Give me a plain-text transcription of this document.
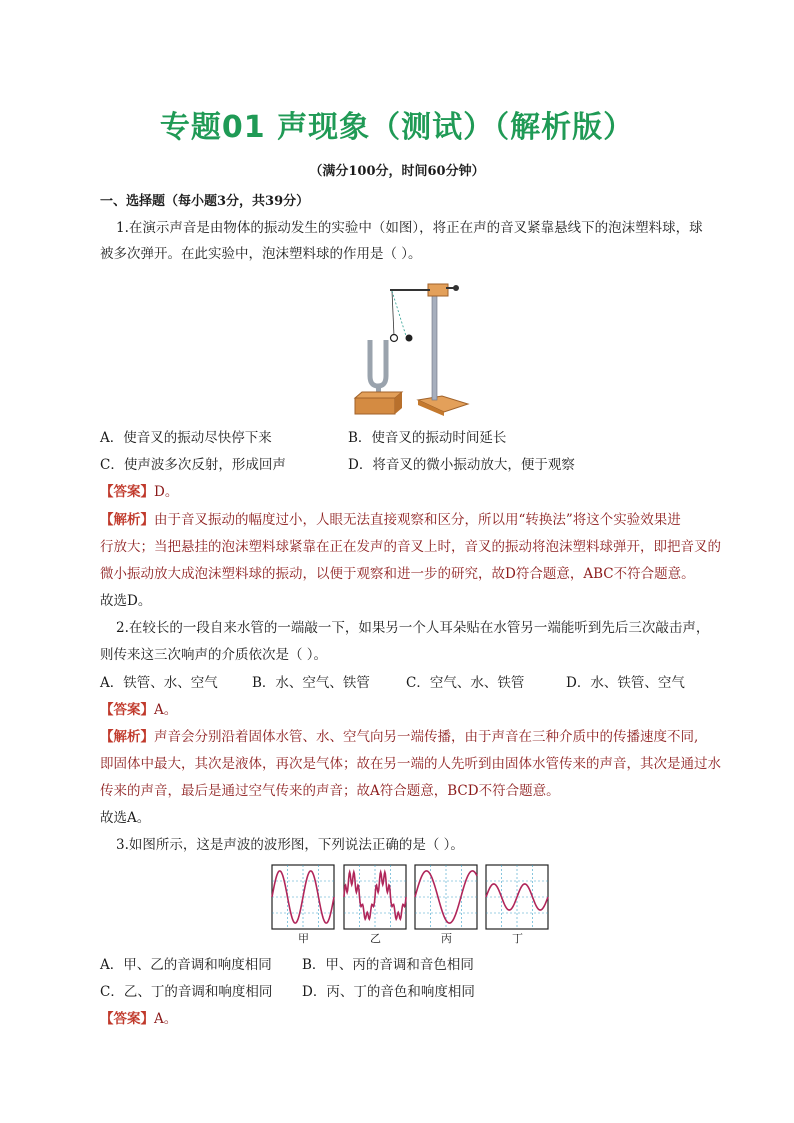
专题01 声现象（测试）（解析版）
（满分100分，时间60分钟）
一、选择题（每小题3分，共39分）
1.在演示声音是由物体的振动发生的实验中（如图），将正在声的音叉紧靠悬线下的泡沫塑料球，球
被多次弹开。在此实验中，泡沫塑料球的作用是（ ）。
A．使音叉的振动尽快停下来	B．使音叉的振动时间延长
C．使声波多次反射，形成回声	D．将音叉的微小振动放大，便于观察
【答案】D。
【解析】由于音叉振动的幅度过小，人眼无法直接观察和区分，所以用“转换法”将这个实验效果进
行放大；当把悬挂的泡沫塑料球紧靠在正在发声的音叉上时，音叉的振动将泡沫塑料球弹开，即把音叉的
微小振动放大成泡沫塑料球的振动，以便于观察和进一步的研究，故D符合题意，ABC不符合题意。
故选D。
2.在较长的一段自来水管的一端敲一下，如果另一个人耳朵贴在水管另一端能听到先后三次敲击声，
则传来这三次响声的介质依次是（ ）。
A．铁管、水、空气	B．水、空气、铁管	C．空气、水、铁管	D．水、铁管、空气
【答案】A。
【解析】声音会分别沿着固体水管、水、空气向另一端传播，由于声音在三种介质中的传播速度不同,
即固体中最大，其次是液体，再次是气体；故在另一端的人先听到由固体水管传来的声音，其次是通过水
传来的声音，最后是通过空气传来的声音；故A符合题意，BCD不符合题意。
故选A。
3.如图所示，这是声波的波形图，下列说法正确的是（ ）。
甲	乙	丙	丁
A．甲、乙的音调和响度相同 B．甲、丙的音调和音色相同
C．乙、丁的音调和响度相同 D．丙、丁的音色和响度相同
【答案】A。
